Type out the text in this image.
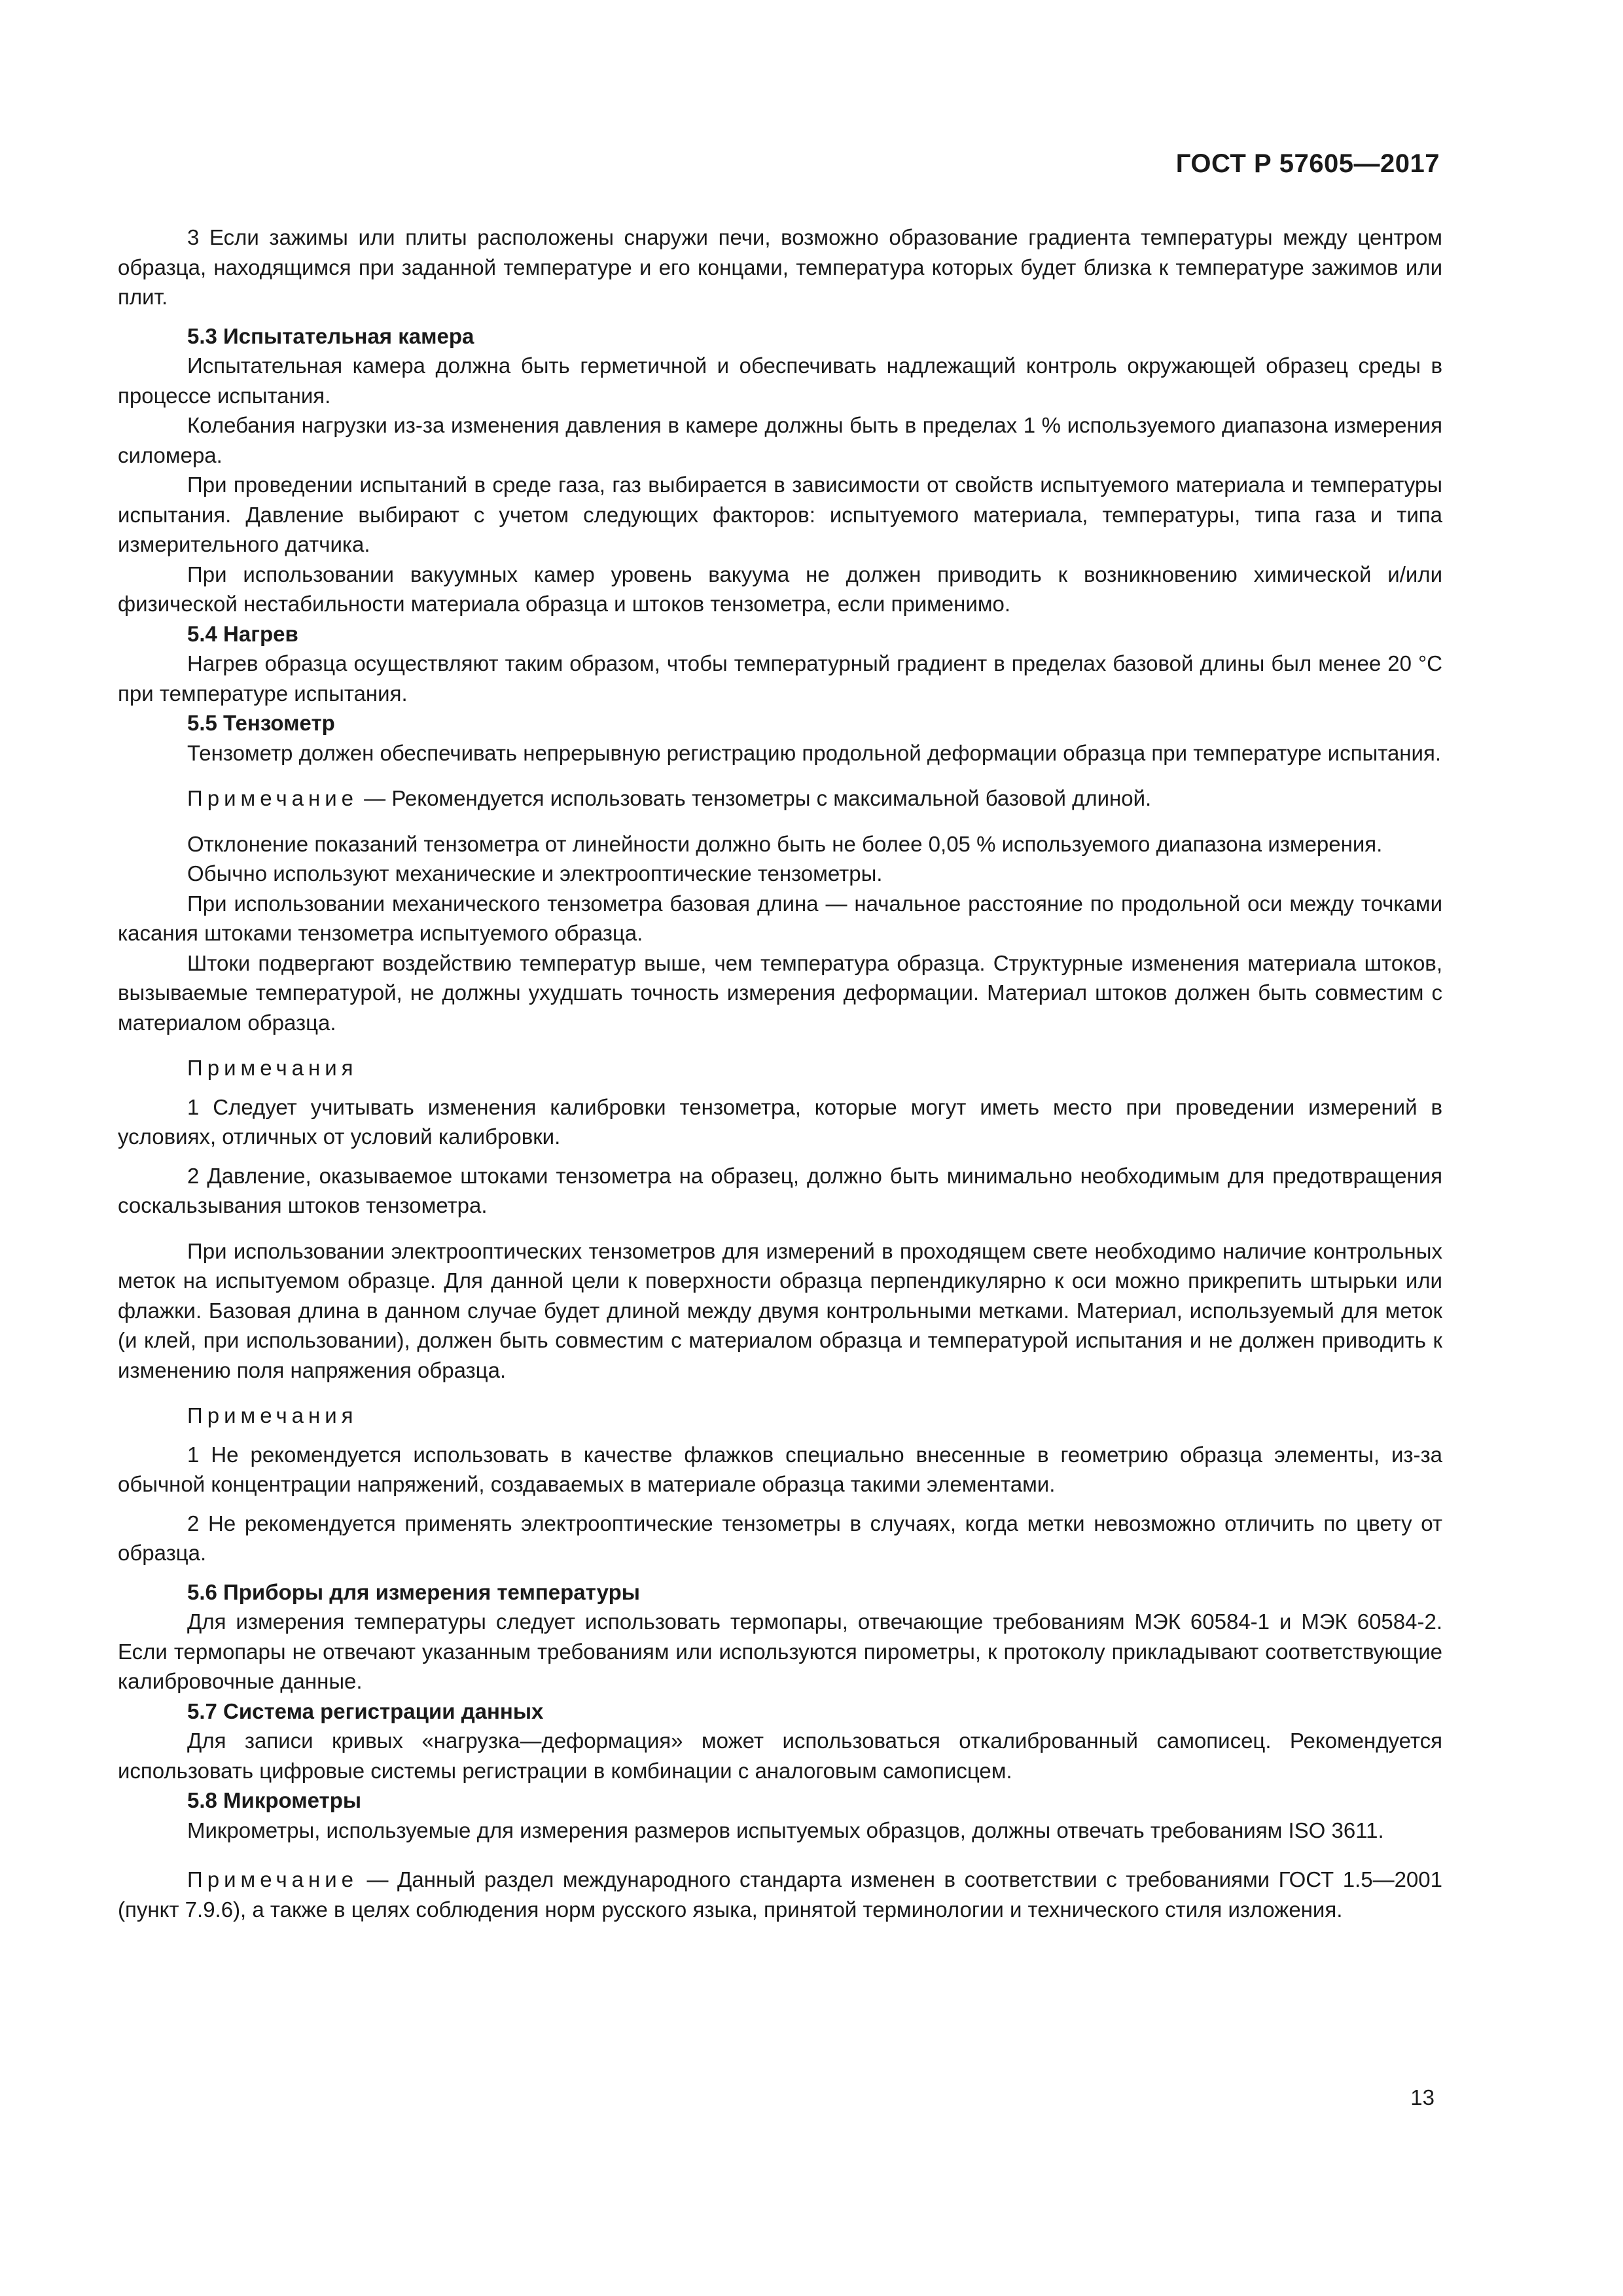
ГОСТ Р 57605—2017

3 Если зажимы или плиты расположены снаружи печи, возможно образование градиента температуры между центром образца, находящимся при заданной температуре и его концами, температура которых будет близка к температуре зажимов или плит.

5.3 Испытательная камера

Испытательная камера должна быть герметичной и обеспечивать надлежащий контроль окружающей образец среды в процессе испытания.

Колебания нагрузки из-за изменения давления в камере должны быть в пределах 1 % используемого диапазона измерения силомера.

При проведении испытаний в среде газа, газ выбирается в зависимости от свойств испытуемого материала и температуры испытания. Давление выбирают с учетом следующих факторов: испытуемого материала, температуры, типа газа и типа измерительного датчика.

При использовании вакуумных камер уровень вакуума не должен приводить к возникновению химической и/или физической нестабильности материала образца и штоков тензометра, если применимо.

5.4 Нагрев

Нагрев образца осуществляют таким образом, чтобы температурный градиент в пределах базовой длины был менее 20 °С при температуре испытания.

5.5 Тензометр

Тензометр должен обеспечивать непрерывную регистрацию продольной деформации образца при температуре испытания.

Примечание — Рекомендуется использовать тензометры с максимальной базовой длиной.

Отклонение показаний тензометра от линейности должно быть не более 0,05 % используемого диапазона измерения.

Обычно используют механические и электрооптические тензометры.

При использовании механического тензометра базовая длина — начальное расстояние по продольной оси между точками касания штоками тензометра испытуемого образца.

Штоки подвергают воздействию температур выше, чем температура образца. Структурные изменения материала штоков, вызываемые температурой, не должны ухудшать точность измерения деформации. Материал штоков должен быть совместим с материалом образца.

Примечания

1 Следует учитывать изменения калибровки тензометра, которые могут иметь место при проведении измерений в условиях, отличных от условий калибровки.

2 Давление, оказываемое штоками тензометра на образец, должно быть минимально необходимым для предотвращения соскальзывания штоков тензометра.

При использовании электрооптических тензометров для измерений в проходящем свете необходимо наличие контрольных меток на испытуемом образце. Для данной цели к поверхности образца перпендикулярно к оси можно прикрепить штырьки или флажки. Базовая длина в данном случае будет длиной между двумя контрольными метками. Материал, используемый для меток (и клей, при использовании), должен быть совместим с материалом образца и температурой испытания и не должен приводить к изменению поля напряжения образца.

Примечания

1 Не рекомендуется использовать в качестве флажков специально внесенные в геометрию образца элементы, из-за обычной концентрации напряжений, создаваемых в материале образца такими элементами.

2 Не рекомендуется применять электрооптические тензометры в случаях, когда метки невозможно отличить по цвету от образца.

5.6 Приборы для измерения температуры

Для измерения температуры следует использовать термопары, отвечающие требованиям МЭК 60584-1 и МЭК 60584-2. Если термопары не отвечают указанным требованиям или используются пирометры, к протоколу прикладывают соответствующие калибровочные данные.

5.7 Система регистрации данных

Для записи кривых «нагрузка—деформация» может использоваться откалиброванный самописец. Рекомендуется использовать цифровые системы регистрации в комбинации с аналоговым самописцем.

5.8 Микрометры

Микрометры, используемые для измерения размеров испытуемых образцов, должны отвечать требованиям ISO 3611.

Примечание — Данный раздел международного стандарта изменен в соответствии с требованиями ГОСТ 1.5—2001 (пункт 7.9.6), а также в целях соблюдения норм русского языка, принятой терминологии и технического стиля изложения.

13
